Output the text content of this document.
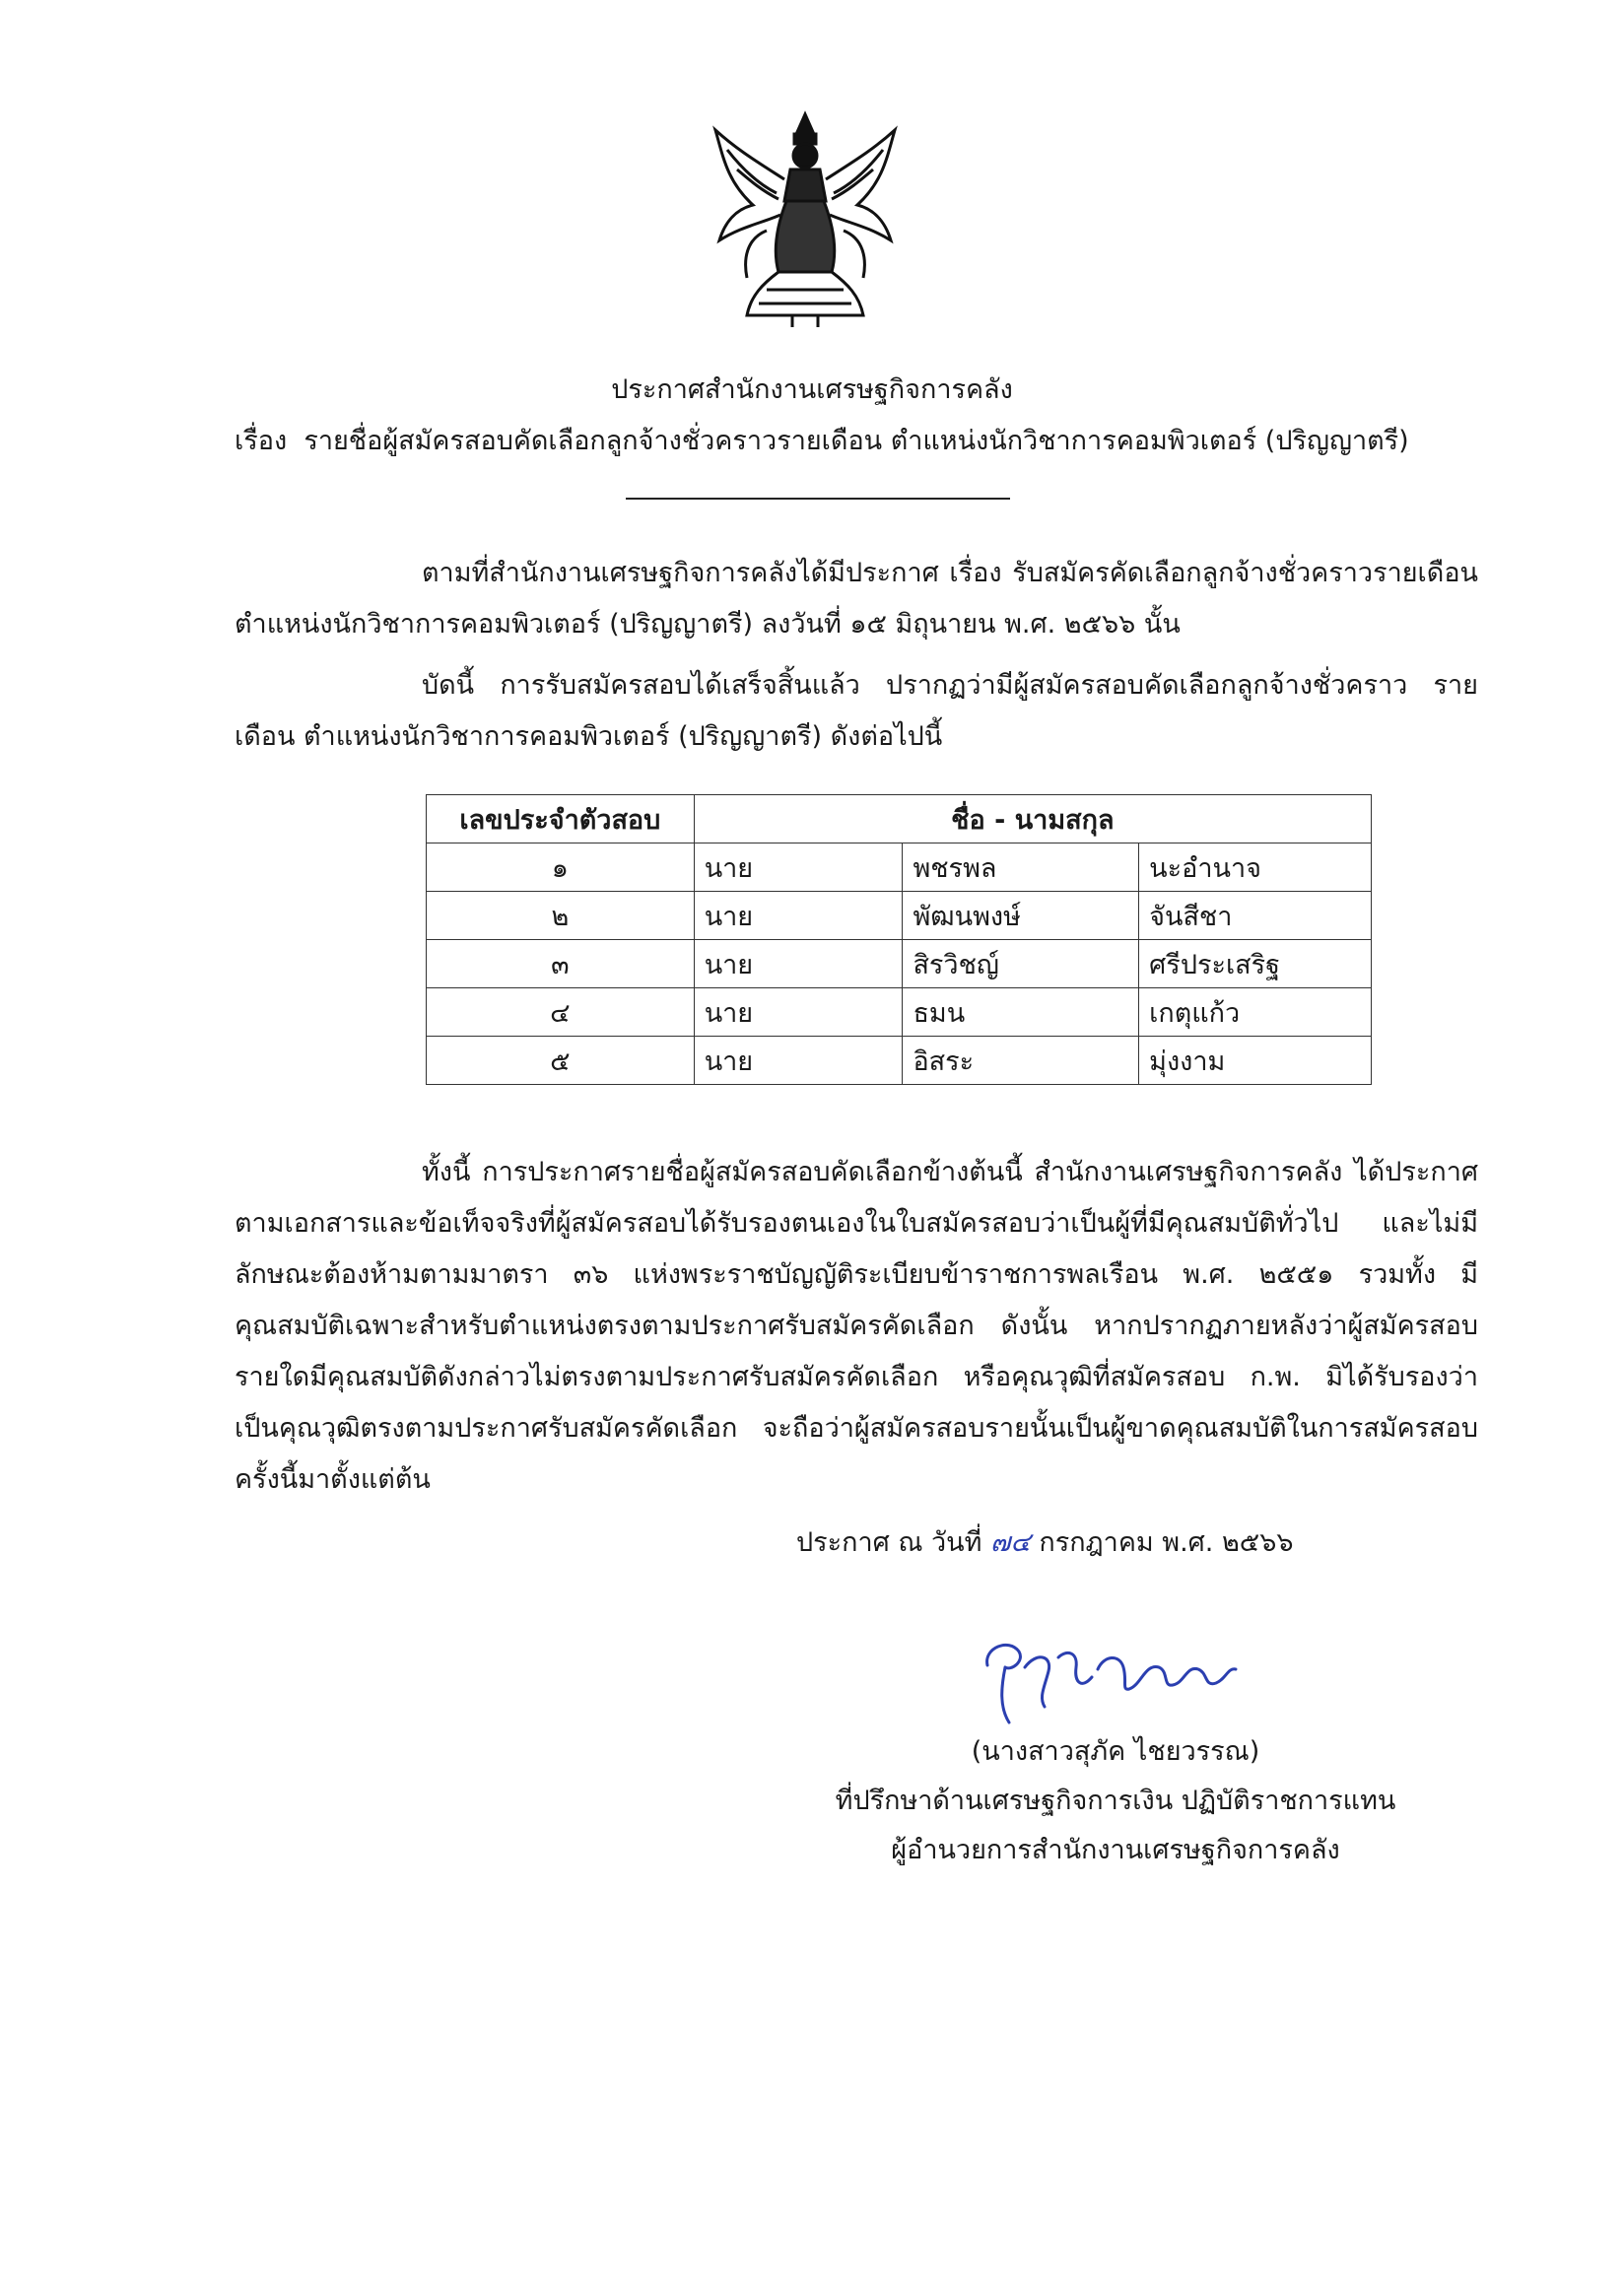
ประกาศสำนักงานเศรษฐกิจการคลัง
เรื่อง รายชื่อผู้สมัครสอบคัดเลือกลูกจ้างชั่วคราวรายเดือน ตำแหน่งนักวิชาการคอมพิวเตอร์ (ปริญญาตรี)
ตามที่สำนักงานเศรษฐกิจการคลังได้มีประกาศ เรื่อง รับสมัครคัดเลือกลูกจ้างชั่วคราวรายเดือน ตำแหน่งนักวิชาการคอมพิวเตอร์ (ปริญญาตรี) ลงวันที่ ๑๕ มิถุนายน พ.ศ. ๒๕๖๖ นั้น
บัดนี้ การรับสมัครสอบได้เสร็จสิ้นแล้ว ปรากฏว่ามีผู้สมัครสอบคัดเลือกลูกจ้างชั่วคราว รายเดือน ตำแหน่งนักวิชาการคอมพิวเตอร์ (ปริญญาตรี) ดังต่อไปนี้
เลขประจำตัวสอบ	ชื่อ - นามสกุล		
๑	นาย	พชรพล	นะอำนาจ
๒	นาย	พัฒนพงษ์	จันสีชา
๓	นาย	สิรวิชญ์	ศรีประเสริฐ
๔	นาย	ธมน	เกตุแก้ว
๕	นาย	อิสระ	มุ่งงาม
ทั้งนี้ การประกาศรายชื่อผู้สมัครสอบคัดเลือกข้างต้นนี้ สำนักงานเศรษฐกิจการคลัง ได้ประกาศตามเอกสารและข้อเท็จจริงที่ผู้สมัครสอบได้รับรองตนเองในใบสมัครสอบว่าเป็นผู้ที่มีคุณสมบัติทั่วไป และไม่มีลักษณะต้องห้ามตามมาตรา ๓๖ แห่งพระราชบัญญัติระเบียบข้าราชการพลเรือน พ.ศ. ๒๕๕๑ รวมทั้ง มีคุณสมบัติเฉพาะสำหรับตำแหน่งตรงตามประกาศรับสมัครคัดเลือก ดังนั้น หากปรากฏภายหลังว่าผู้สมัครสอบ รายใดมีคุณสมบัติดังกล่าวไม่ตรงตามประกาศรับสมัครคัดเลือก หรือคุณวุฒิที่สมัครสอบ ก.พ. มิได้รับรองว่า เป็นคุณวุฒิตรงตามประกาศรับสมัครคัดเลือก จะถือว่าผู้สมัครสอบรายนั้นเป็นผู้ขาดคุณสมบัติในการสมัครสอบ ครั้งนี้มาตั้งแต่ต้น
ประกาศ ณ วันที่ ๗๔ กรกฎาคม พ.ศ. ๒๕๖๖
(นางสาวสุภัค ไชยวรรณ)
ที่ปรึกษาด้านเศรษฐกิจการเงิน ปฏิบัติราชการแทน
ผู้อำนวยการสำนักงานเศรษฐกิจการคลัง
